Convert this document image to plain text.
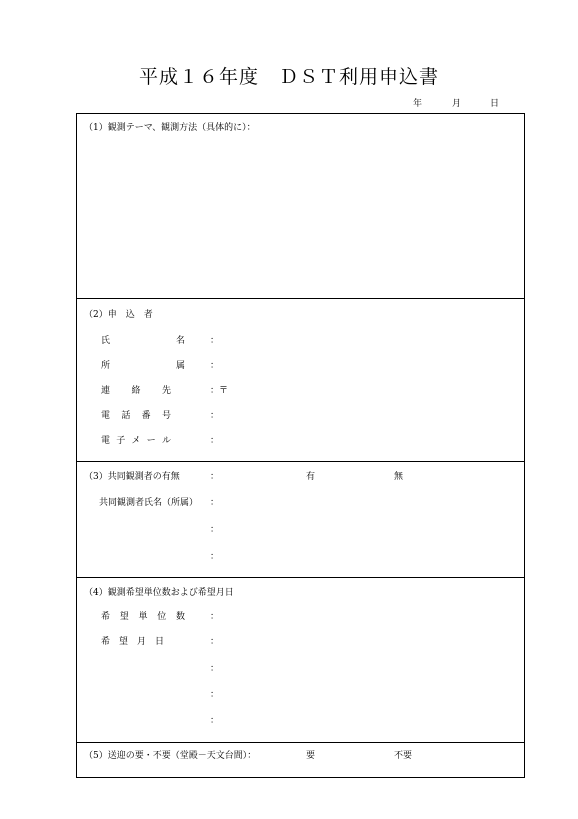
平成１６年度　ＤＳＴ利用申込書
年	月	日
（1）観測テーマ、観測方法（具体的に）：
（2）申　込　者
氏	名	：
所	属	：
連 絡 先	：〒
電 話 番 号	：
電 子 メ ー ル	：
（3）共同観測者の有無	：	有	無
共同観測者氏名（所属） ：
：
：
（4）観測希望単位数および希望月日
希 望 単 位 数	：
希 望 月 日	：
：
：
：
（5）送迎の要・不要（堂殿－天文台間）：	要	不要
